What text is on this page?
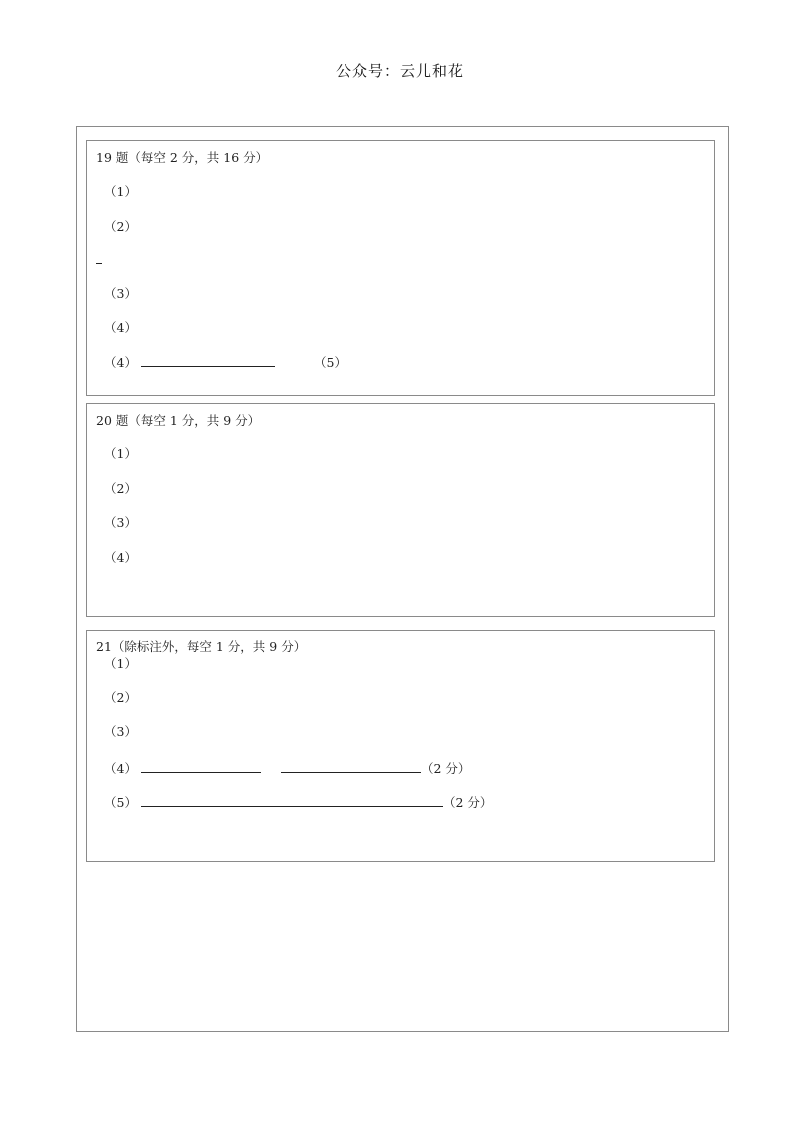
公众号：云儿和花
19 题（每空 2 分，共 16 分）
（1）
（2）
（3）
（4）
（4）	（5）
20 题（每空 1 分，共 9 分）
（1）
（2）
（3）
（4）
21（除标注外，每空 1 分，共 9 分）
（1）
（2）
（3）
（4）	（2 分）
（5）	（2 分）
